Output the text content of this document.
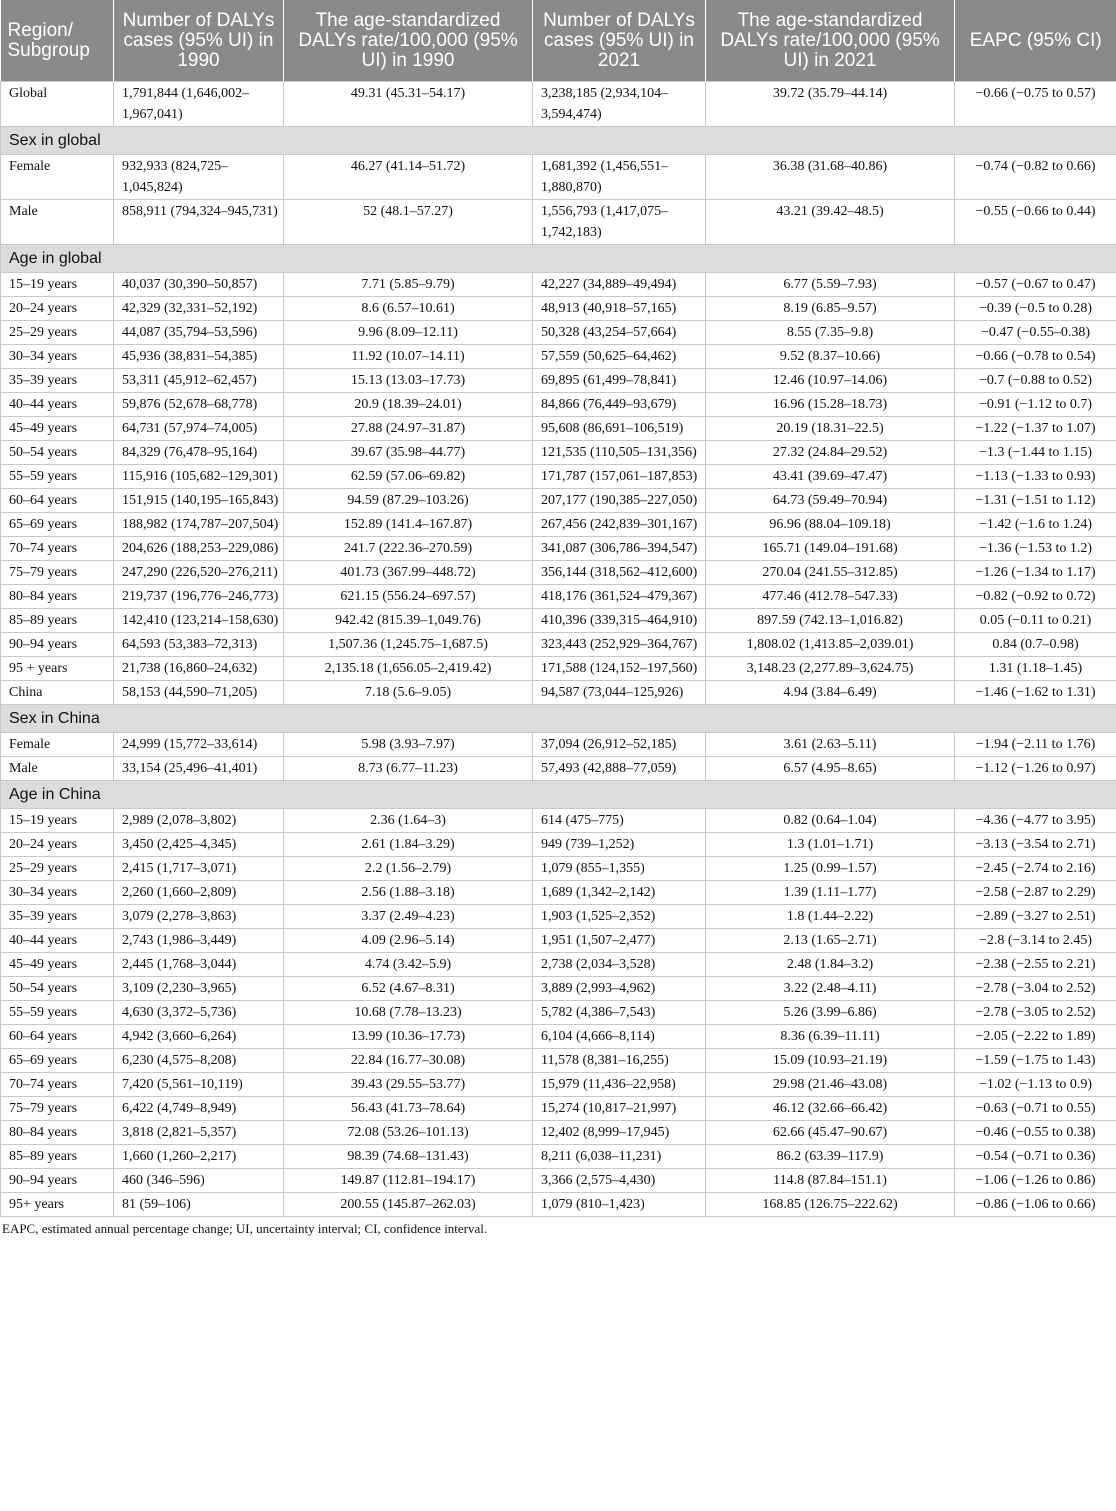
Region/ Subgroup	Number of DALYs cases (95% UI) in 1990	The age-standardized DALYs rate/100,000 (95% UI) in 1990	Number of DALYs cases (95% UI) in 2021	The age-standardized DALYs rate/100,000 (95% UI) in 2021	EAPC (95% CI)
Global	1,791,844 (1,646,002–1,967,041)	49.31 (45.31–54.17)	3,238,185 (2,934,104–3,594,474)	39.72 (35.79–44.14)	−0.66 (−0.75 to 0.57)
Sex in global					
Female	932,933 (824,725–1,045,824)	46.27 (41.14–51.72)	1,681,392 (1,456,551–1,880,870)	36.38 (31.68–40.86)	−0.74 (−0.82 to 0.66)
Male	858,911 (794,324–945,731)	52 (48.1–57.27)	1,556,793 (1,417,075–1,742,183)	43.21 (39.42–48.5)	−0.55 (−0.66 to 0.44)
Age in global					
15–19 years	40,037 (30,390–50,857)	7.71 (5.85–9.79)	42,227 (34,889–49,494)	6.77 (5.59–7.93)	−0.57 (−0.67 to 0.47)
20–24 years	42,329 (32,331–52,192)	8.6 (6.57–10.61)	48,913 (40,918–57,165)	8.19 (6.85–9.57)	−0.39 (−0.5 to 0.28)
25–29 years	44,087 (35,794–53,596)	9.96 (8.09–12.11)	50,328 (43,254–57,664)	8.55 (7.35–9.8)	−0.47 (−0.55–0.38)
30–34 years	45,936 (38,831–54,385)	11.92 (10.07–14.11)	57,559 (50,625–64,462)	9.52 (8.37–10.66)	−0.66 (−0.78 to 0.54)
35–39 years	53,311 (45,912–62,457)	15.13 (13.03–17.73)	69,895 (61,499–78,841)	12.46 (10.97–14.06)	−0.7 (−0.88 to 0.52)
40–44 years	59,876 (52,678–68,778)	20.9 (18.39–24.01)	84,866 (76,449–93,679)	16.96 (15.28–18.73)	−0.91 (−1.12 to 0.7)
45–49 years	64,731 (57,974–74,005)	27.88 (24.97–31.87)	95,608 (86,691–106,519)	20.19 (18.31–22.5)	−1.22 (−1.37 to 1.07)
50–54 years	84,329 (76,478–95,164)	39.67 (35.98–44.77)	121,535 (110,505–131,356)	27.32 (24.84–29.52)	−1.3 (−1.44 to 1.15)
55–59 years	115,916 (105,682–129,301)	62.59 (57.06–69.82)	171,787 (157,061–187,853)	43.41 (39.69–47.47)	−1.13 (−1.33 to 0.93)
60–64 years	151,915 (140,195–165,843)	94.59 (87.29–103.26)	207,177 (190,385–227,050)	64.73 (59.49–70.94)	−1.31 (−1.51 to 1.12)
65–69 years	188,982 (174,787–207,504)	152.89 (141.4–167.87)	267,456 (242,839–301,167)	96.96 (88.04–109.18)	−1.42 (−1.6 to 1.24)
70–74 years	204,626 (188,253–229,086)	241.7 (222.36–270.59)	341,087 (306,786–394,547)	165.71 (149.04–191.68)	−1.36 (−1.53 to 1.2)
75–79 years	247,290 (226,520–276,211)	401.73 (367.99–448.72)	356,144 (318,562–412,600)	270.04 (241.55–312.85)	−1.26 (−1.34 to 1.17)
80–84 years	219,737 (196,776–246,773)	621.15 (556.24–697.57)	418,176 (361,524–479,367)	477.46 (412.78–547.33)	−0.82 (−0.92 to 0.72)
85–89 years	142,410 (123,214–158,630)	942.42 (815.39–1,049.76)	410,396 (339,315–464,910)	897.59 (742.13–1,016.82)	0.05 (−0.11 to 0.21)
90–94 years	64,593 (53,383–72,313)	1,507.36 (1,245.75–1,687.5)	323,443 (252,929–364,767)	1,808.02 (1,413.85–2,039.01)	0.84 (0.7–0.98)
95 + years	21,738 (16,860–24,632)	2,135.18 (1,656.05–2,419.42)	171,588 (124,152–197,560)	3,148.23 (2,277.89–3,624.75)	1.31 (1.18–1.45)
China	58,153 (44,590–71,205)	7.18 (5.6–9.05)	94,587 (73,044–125,926)	4.94 (3.84–6.49)	−1.46 (−1.62 to 1.31)
Sex in China					
Female	24,999 (15,772–33,614)	5.98 (3.93–7.97)	37,094 (26,912–52,185)	3.61 (2.63–5.11)	−1.94 (−2.11 to 1.76)
Male	33,154 (25,496–41,401)	8.73 (6.77–11.23)	57,493 (42,888–77,059)	6.57 (4.95–8.65)	−1.12 (−1.26 to 0.97)
Age in China					
15–19 years	2,989 (2,078–3,802)	2.36 (1.64–3)	614 (475–775)	0.82 (0.64–1.04)	−4.36 (−4.77 to 3.95)
20–24 years	3,450 (2,425–4,345)	2.61 (1.84–3.29)	949 (739–1,252)	1.3 (1.01–1.71)	−3.13 (−3.54 to 2.71)
25–29 years	2,415 (1,717–3,071)	2.2 (1.56–2.79)	1,079 (855–1,355)	1.25 (0.99–1.57)	−2.45 (−2.74 to 2.16)
30–34 years	2,260 (1,660–2,809)	2.56 (1.88–3.18)	1,689 (1,342–2,142)	1.39 (1.11–1.77)	−2.58 (−2.87 to 2.29)
35–39 years	3,079 (2,278–3,863)	3.37 (2.49–4.23)	1,903 (1,525–2,352)	1.8 (1.44–2.22)	−2.89 (−3.27 to 2.51)
40–44 years	2,743 (1,986–3,449)	4.09 (2.96–5.14)	1,951 (1,507–2,477)	2.13 (1.65–2.71)	−2.8 (−3.14 to 2.45)
45–49 years	2,445 (1,768–3,044)	4.74 (3.42–5.9)	2,738 (2,034–3,528)	2.48 (1.84–3.2)	−2.38 (−2.55 to 2.21)
50–54 years	3,109 (2,230–3,965)	6.52 (4.67–8.31)	3,889 (2,993–4,962)	3.22 (2.48–4.11)	−2.78 (−3.04 to 2.52)
55–59 years	4,630 (3,372–5,736)	10.68 (7.78–13.23)	5,782 (4,386–7,543)	5.26 (3.99–6.86)	−2.78 (−3.05 to 2.52)
60–64 years	4,942 (3,660–6,264)	13.99 (10.36–17.73)	6,104 (4,666–8,114)	8.36 (6.39–11.11)	−2.05 (−2.22 to 1.89)
65–69 years	6,230 (4,575–8,208)	22.84 (16.77–30.08)	11,578 (8,381–16,255)	15.09 (10.93–21.19)	−1.59 (−1.75 to 1.43)
70–74 years	7,420 (5,561–10,119)	39.43 (29.55–53.77)	15,979 (11,436–22,958)	29.98 (21.46–43.08)	−1.02 (−1.13 to 0.9)
75–79 years	6,422 (4,749–8,949)	56.43 (41.73–78.64)	15,274 (10,817–21,997)	46.12 (32.66–66.42)	−0.63 (−0.71 to 0.55)
80–84 years	3,818 (2,821–5,357)	72.08 (53.26–101.13)	12,402 (8,999–17,945)	62.66 (45.47–90.67)	−0.46 (−0.55 to 0.38)
85–89 years	1,660 (1,260–2,217)	98.39 (74.68–131.43)	8,211 (6,038–11,231)	86.2 (63.39–117.9)	−0.54 (−0.71 to 0.36)
90–94 years	460 (346–596)	149.87 (112.81–194.17)	3,366 (2,575–4,430)	114.8 (87.84–151.1)	−1.06 (−1.26 to 0.86)
95+ years	81 (59–106)	200.55 (145.87–262.03)	1,079 (810–1,423)	168.85 (126.75–222.62)	−0.86 (−1.06 to 0.66)
EAPC, estimated annual percentage change; UI, uncertainty interval; CI, confidence interval.
